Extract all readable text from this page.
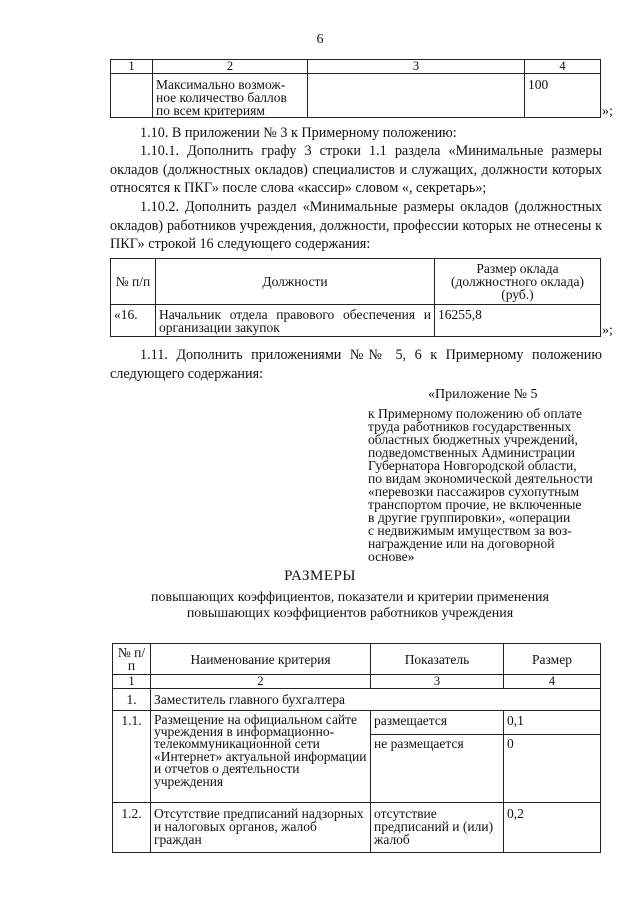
6
1	2	3	4
	Максимально возмож-ное количество баллов по всем критериям		100
»;
1.10. В приложении № 3 к Примерному положению:
1.10.1. Дополнить графу 3 строки 1.1 раздела «Минимальные размеры окладов (должностных окладов) специалистов и служащих, должности которых относятся к ПКГ» после слова «кассир» словом «, секретарь»;
1.10.2. Дополнить раздел «Минимальные размеры окладов (должностных окладов) работников учреждения, должности, профессии которых не отнесены к ПКГ» строкой 16 следующего содержания:
№ п/п	Должности	Размер оклада (должностного оклада) (руб.)
«16.	Начальник отдела правового обеспечения и организации закупок	16255,8
»;
1.11. Дополнить приложениями №№ 5, 6 к Примерному положению следующего содержания:
«Приложение № 5
к Примерному положению об оплате
труда работников государственных
областных бюджетных учреждений,
подведомственных Администрации
Губернатора Новгородской области,
по видам экономической деятельности
«перевозки пассажиров сухопутным
транспортом прочие, не включенные
в другие группировки», «операции
с недвижимым имуществом за воз-
награждение или на договорной
основе»
РАЗМЕРЫ
повышающих коэффициентов, показатели и критерии применения повышающих коэффициентов работников учреждения
№ п/п	Наименование критерия	Показатель	Размер
1	2	3	4
1.	Заместитель главного бухгалтера		
1.1.	Размещение на официальном сайте учреждения в информационно-телекоммуникационной сети «Интернет» актуальной информации и отчетов о деятельности учреждения	размещается	0,1
		не размещается	0
1.2.	Отсутствие предписаний надзорных и налоговых органов, жалоб граждан	отсутствие предписаний и (или) жалоб	0,2
